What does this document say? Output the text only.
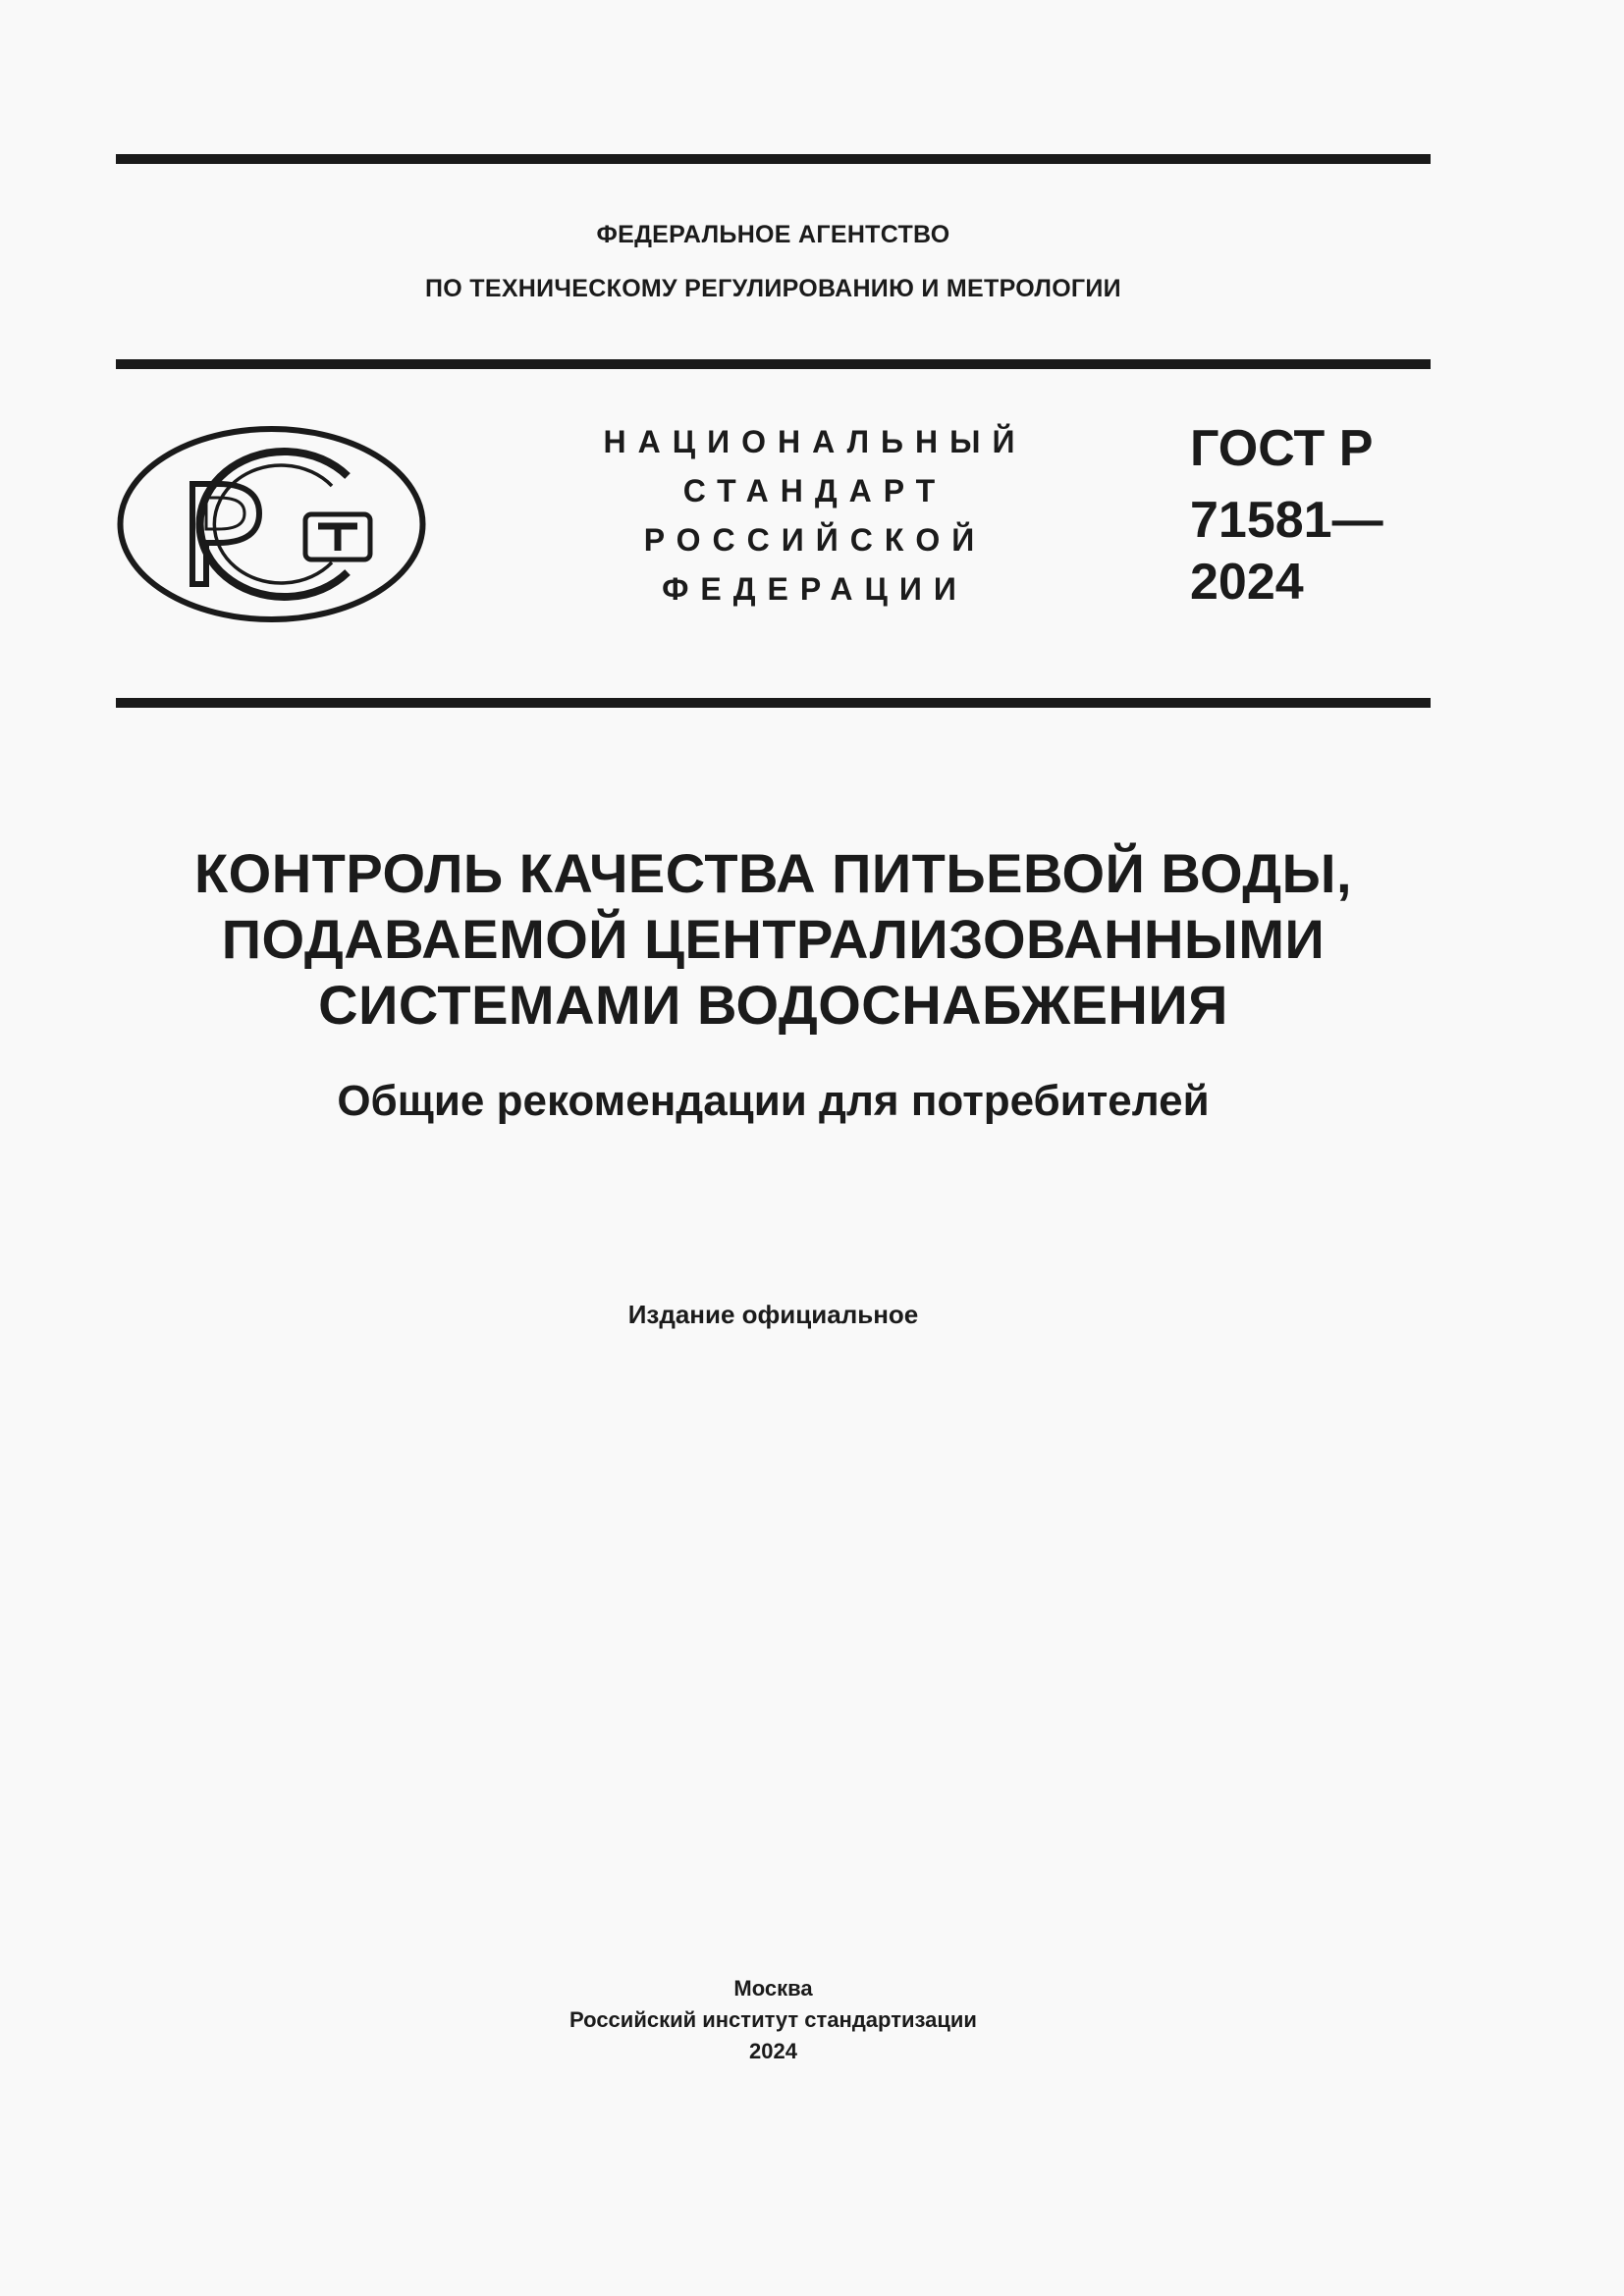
ФЕДЕРАЛЬНОЕ АГЕНТСТВО
ПО ТЕХНИЧЕСКОМУ РЕГУЛИРОВАНИЮ И МЕТРОЛОГИИ
НАЦИОНАЛЬНЫЙ
СТАНДАРТ
РОССИЙСКОЙ
ФЕДЕРАЦИИ
ГОСТ Р
71581—
2024
КОНТРОЛЬ КАЧЕСТВА ПИТЬЕВОЙ ВОДЫ,
ПОДАВАЕМОЙ ЦЕНТРАЛИЗОВАННЫМИ
СИСТЕМАМИ ВОДОСНАБЖЕНИЯ
Общие рекомендации для потребителей
Издание официальное
Москва
Российский институт стандартизации
2024
